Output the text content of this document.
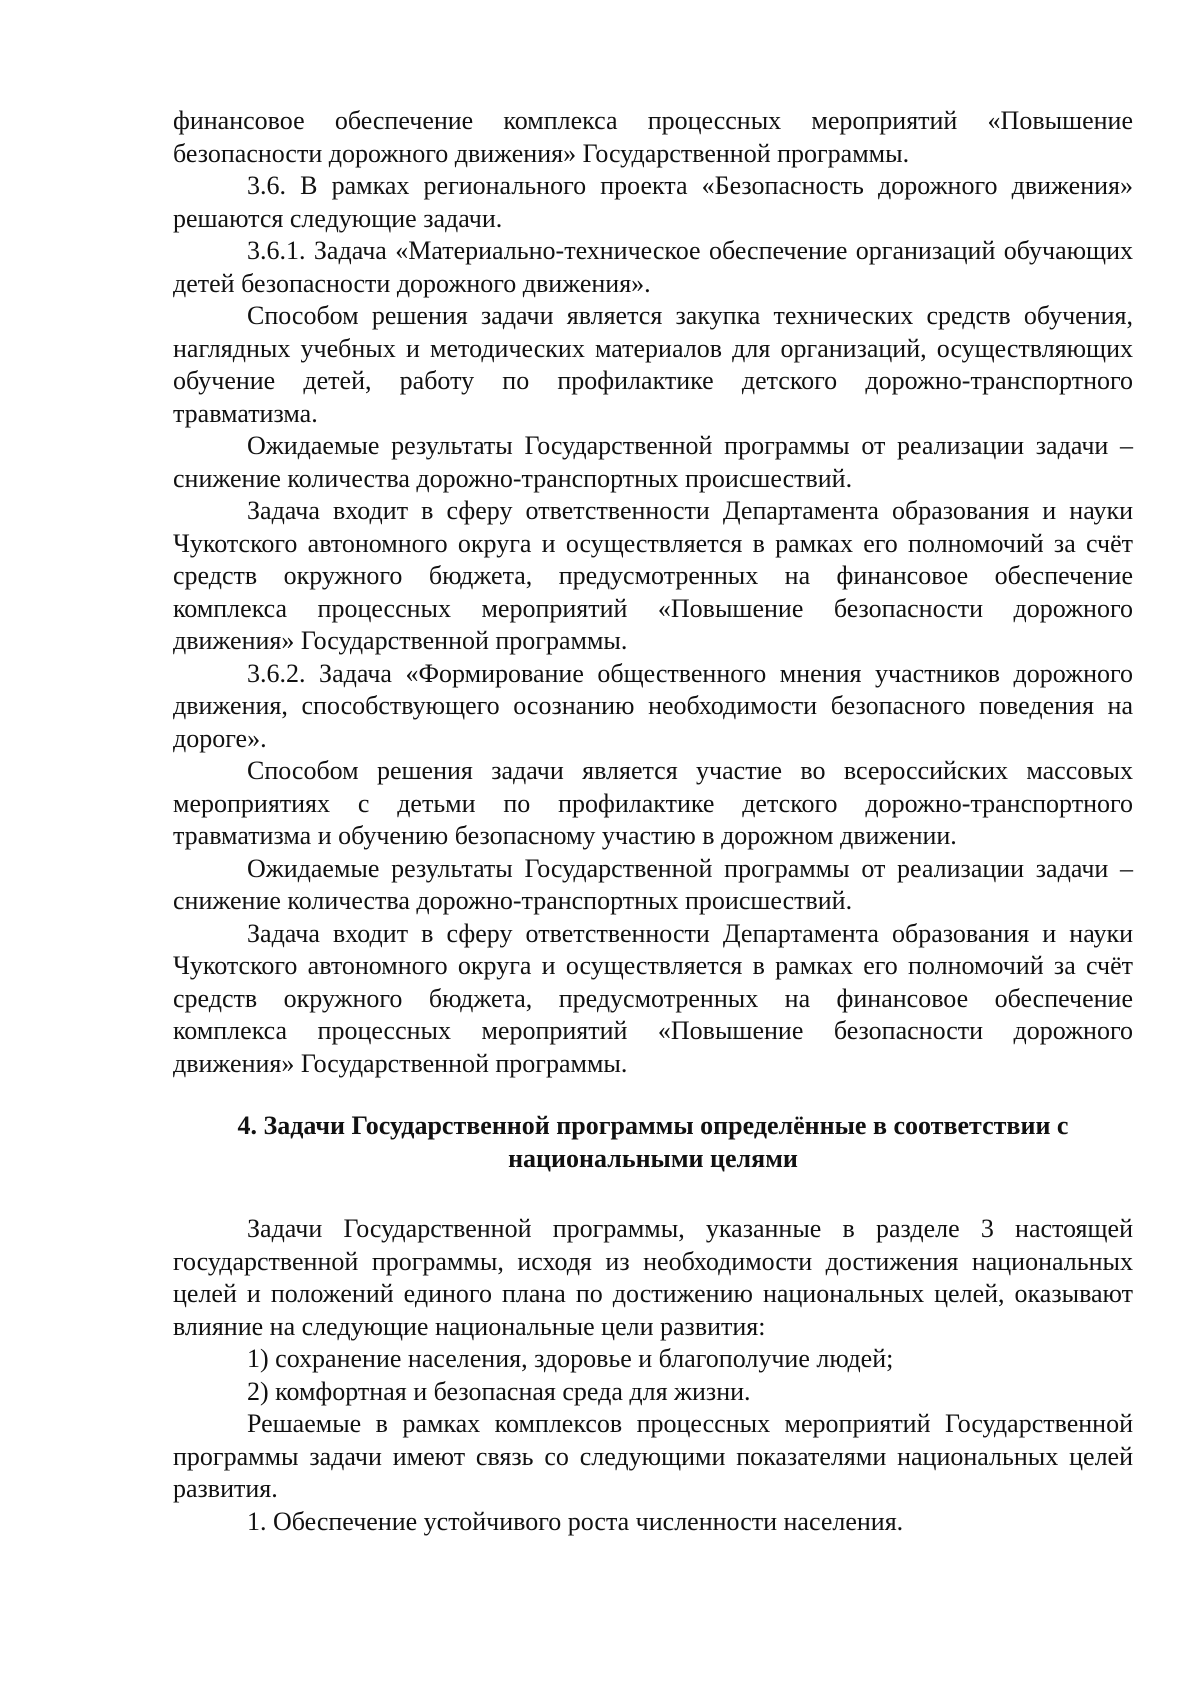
финансовое обеспечение комплекса процессных мероприятий «Повышение безопасности дорожного движения» Государственной программы.

3.6. В рамках регионального проекта «Безопасность дорожного движения» решаются следующие задачи.

3.6.1. Задача «Материально-техническое обеспечение организаций обучающих детей безопасности дорожного движения».

Способом решения задачи является закупка технических средств обучения, наглядных учебных и методических материалов для организаций, осуществляющих обучение детей, работу по профилактике детского дорожно-транспортного травматизма.

Ожидаемые результаты Государственной программы от реализации задачи – снижение количества дорожно-транспортных происшествий.

Задача входит в сферу ответственности Департамента образования и науки Чукотского автономного округа и осуществляется в рамках его полномочий за счёт средств окружного бюджета, предусмотренных на финансовое обеспечение комплекса процессных мероприятий «Повышение безопасности дорожного движения» Государственной программы.

3.6.2. Задача «Формирование общественного мнения участников дорожного движения, способствующего осознанию необходимости безопасного поведения на дороге».

Способом решения задачи является участие во всероссийских массовых мероприятиях с детьми по профилактике детского дорожно-транспортного травматизма и обучению безопасному участию в дорожном движении.

Ожидаемые результаты Государственной программы от реализации задачи – снижение количества дорожно-транспортных происшествий.

Задача входит в сферу ответственности Департамента образования и науки Чукотского автономного округа и осуществляется в рамках его полномочий за счёт средств окружного бюджета, предусмотренных на финансовое обеспечение комплекса процессных мероприятий «Повышение безопасности дорожного движения» Государственной программы.

4. Задачи Государственной программы определённые в соответствии с
национальными целями

Задачи Государственной программы, указанные в разделе 3 настоящей государственной программы, исходя из необходимости достижения национальных целей и положений единого плана по достижению национальных целей, оказывают влияние на следующие национальные цели развития:

1) сохранение населения, здоровье и благополучие людей;

2) комфортная и безопасная среда для жизни.

Решаемые в рамках комплексов процессных мероприятий Государственной программы задачи имеют связь со следующими показателями национальных целей развития.

1. Обеспечение устойчивого роста численности населения.
